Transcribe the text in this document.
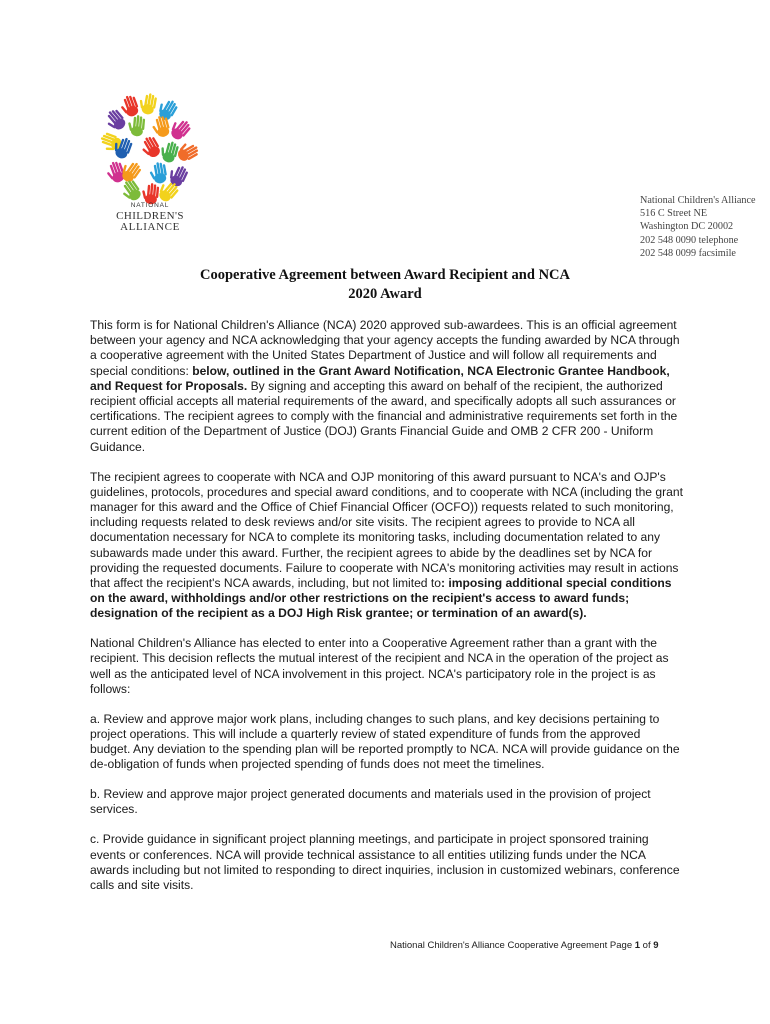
NATIONAL
CHILDREN'S
ALLIANCE
National Children's Alliance
516 C Street NE
Washington DC 20002
202 548 0090 telephone
202 548 0099 facsimile
Cooperative Agreement between Award Recipient and NCA
2020 Award

This form is for National Children's Alliance (NCA) 2020 approved sub-awardees. This is an official agreement between your agency and NCA acknowledging that your agency accepts the funding awarded by NCA through a cooperative agreement with the United States Department of Justice and will follow all requirements and special conditions: below, outlined in the Grant Award Notification, NCA Electronic Grantee Handbook, and Request for Proposals. By signing and accepting this award on behalf of the recipient, the authorized recipient official accepts all material requirements of the award, and specifically adopts all such assurances or certifications. The recipient agrees to comply with the financial and administrative requirements set forth in the current edition of the Department of Justice (DOJ) Grants Financial Guide and OMB 2 CFR 200 - Uniform Guidance.

The recipient agrees to cooperate with NCA and OJP monitoring of this award pursuant to NCA's and OJP's guidelines, protocols, procedures and special award conditions, and to cooperate with NCA (including the grant manager for this award and the Office of Chief Financial Officer (OCFO)) requests related to such monitoring, including requests related to desk reviews and/or site visits. The recipient agrees to provide to NCA all documentation necessary for NCA to complete its monitoring tasks, including documentation related to any subawards made under this award. Further, the recipient agrees to abide by the deadlines set by NCA for providing the requested documents. Failure to cooperate with NCA's monitoring activities may result in actions that affect the recipient's NCA awards, including, but not limited to: imposing additional special conditions on the award, withholdings and/or other restrictions on the recipient's access to award funds; designation of the recipient as a DOJ High Risk grantee; or termination of an award(s).

National Children's Alliance has elected to enter into a Cooperative Agreement rather than a grant with the recipient. This decision reflects the mutual interest of the recipient and NCA in the operation of the project as well as the anticipated level of NCA involvement in this project. NCA's participatory role in the project is as follows:

a. Review and approve major work plans, including changes to such plans, and key decisions pertaining to project operations. This will include a quarterly review of stated expenditure of funds from the approved budget. Any deviation to the spending plan will be reported promptly to NCA. NCA will provide guidance on the de-obligation of funds when projected spending of funds does not meet the timelines.

b. Review and approve major project generated documents and materials used in the provision of project services.

c. Provide guidance in significant project planning meetings, and participate in project sponsored training events or conferences. NCA will provide technical assistance to all entities utilizing funds under the NCA awards including but not limited to responding to direct inquiries, inclusion in customized webinars, conference calls and site visits.

National Children's Alliance Cooperative Agreement Page 1 of 9
